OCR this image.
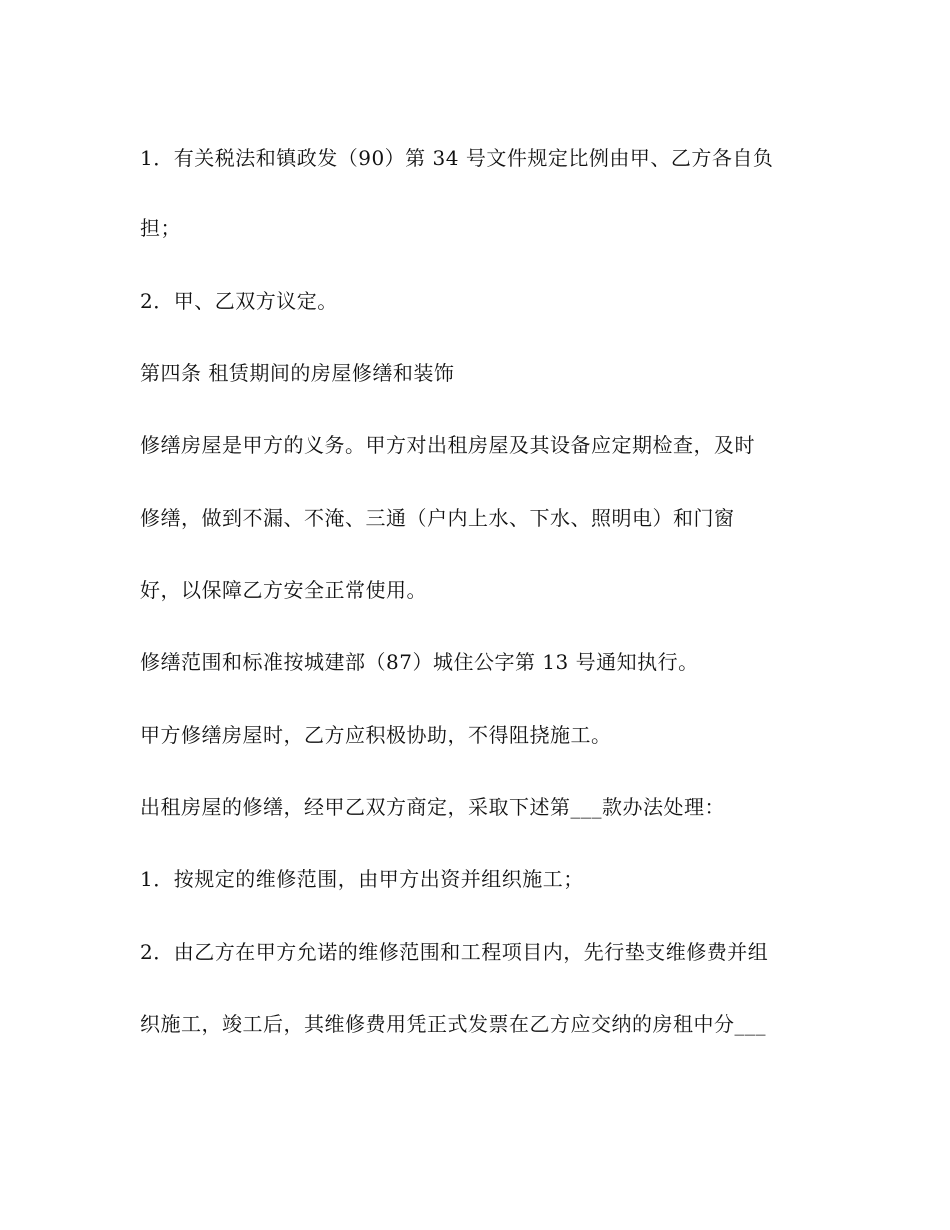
1．有关税法和镇政发（90）第 34 号文件规定比例由甲、乙方各自负
担；
2．甲、乙双方议定。
第四条 租赁期间的房屋修缮和装饰
修缮房屋是甲方的义务。甲方对出租房屋及其设备应定期检查，及时
修缮，做到不漏、不淹、三通（户内上水、下水、照明电）和门窗
好，以保障乙方安全正常使用。
修缮范围和标准按城建部（87）城住公字第 13 号通知执行。
甲方修缮房屋时，乙方应积极协助，不得阻挠施工。
出租房屋的修缮，经甲乙双方商定，采取下述第___款办法处理：
1．按规定的维修范围，由甲方出资并组织施工；
2．由乙方在甲方允诺的维修范围和工程项目内，先行垫支维修费并组
织施工，竣工后，其维修费用凭正式发票在乙方应交纳的房租中分___
